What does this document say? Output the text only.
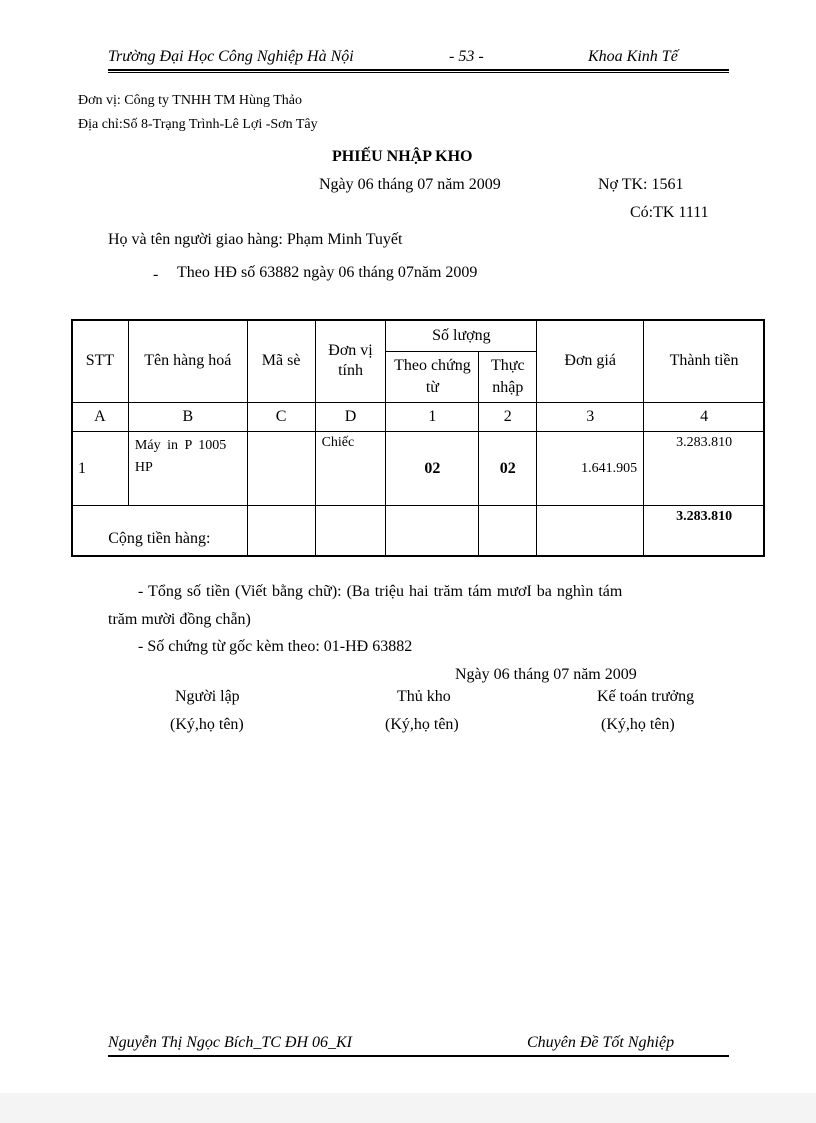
Trường Đại Học Công Nghiệp Hà Nội	- 53 -	Khoa Kinh Tế
Đơn vị: Công ty TNHH TM Hùng Thảo
Địa chỉ:Số 8-Trạng Trình-Lê Lợi -Sơn Tây
PHIẾU NHẬP KHO
Ngày 06 tháng 07 năm 2009	Nợ TK: 1561
Có:TK 1111
Họ và tên người giao hàng: Phạm Minh Tuyết
- Theo HĐ số 63882 ngày 06 tháng 07năm 2009
STT	Tên hàng hoá	Mã sè	Đơn vị tính	Số lượng		Đơn giá	Thành tiền
				Theo chứng từ	Thực nhập		
A	B	C	D	1	2	3	4
1	Máy in P 1005 HP		Chiếc	02	02	1.641.905	3.283.810
Cộng tiền hàng:							3.283.810
- Tổng số tiền (Viết bằng chữ): (Ba triệu hai trăm tám mươI ba nghìn tám
trăm mười đồng chẵn)
- Số chứng từ gốc kèm theo: 01-HĐ 63882
Ngày 06 tháng 07 năm 2009
Người lập	Thủ kho	Kế toán trưởng
(Ký,họ tên)	(Ký,họ tên)	(Ký,họ tên)
Nguyễn Thị Ngọc Bích_TC ĐH 06_KI	Chuyên Đề Tốt Nghiệp
